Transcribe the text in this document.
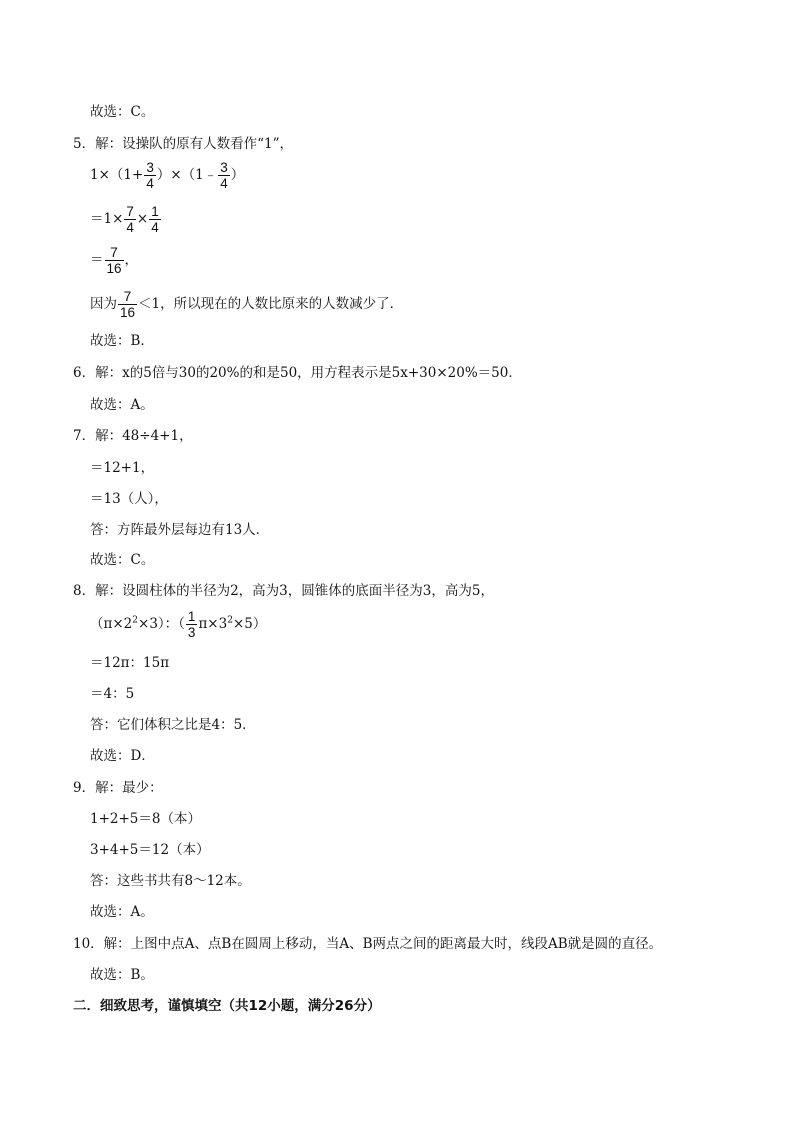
故选：C。
5．解：设操队的原有人数看作“1”，
$1\times(1+ \frac{3}{4}$ ）×（1﹣ $\frac{3}{4}$ ）
$=1\times \frac{7}{4} \times \frac{1}{4}$
＝ $\frac{7}{16}$ ，
因为 $\frac{7}{16} <1$，所以现在的人数比原来的人数减少了．
故选：B．
6．解：x的5倍与30的20%的和是50，用方程表示是5x+30×20%＝50．
故选：A。
7．解：48÷4+1，
＝12+1，
＝13（人），
答：方阵最外层每边有13人．
故选：C。
8．解：设圆柱体的半径为2，高为3，圆锥体的底面半径为3，高为5，
$(\pi\times 2^2\times 3)$：（ $\frac{1}{3} \pi\times 3^2\times 5$）
＝12π：15π
＝4：5
答：它们体积之比是4：5．
故选：D．
9．解：最少：
1+2+5＝8（本）
3+4+5＝12（本）
答：这些书共有8～12本。
故选：A。
10．解：上图中点A、点B在圆周上移动，当A、B两点之间的距离最大时，线段AB就是圆的直径。
故选：B。
二．细致思考，谨慎填空（共12小题，满分26分）
